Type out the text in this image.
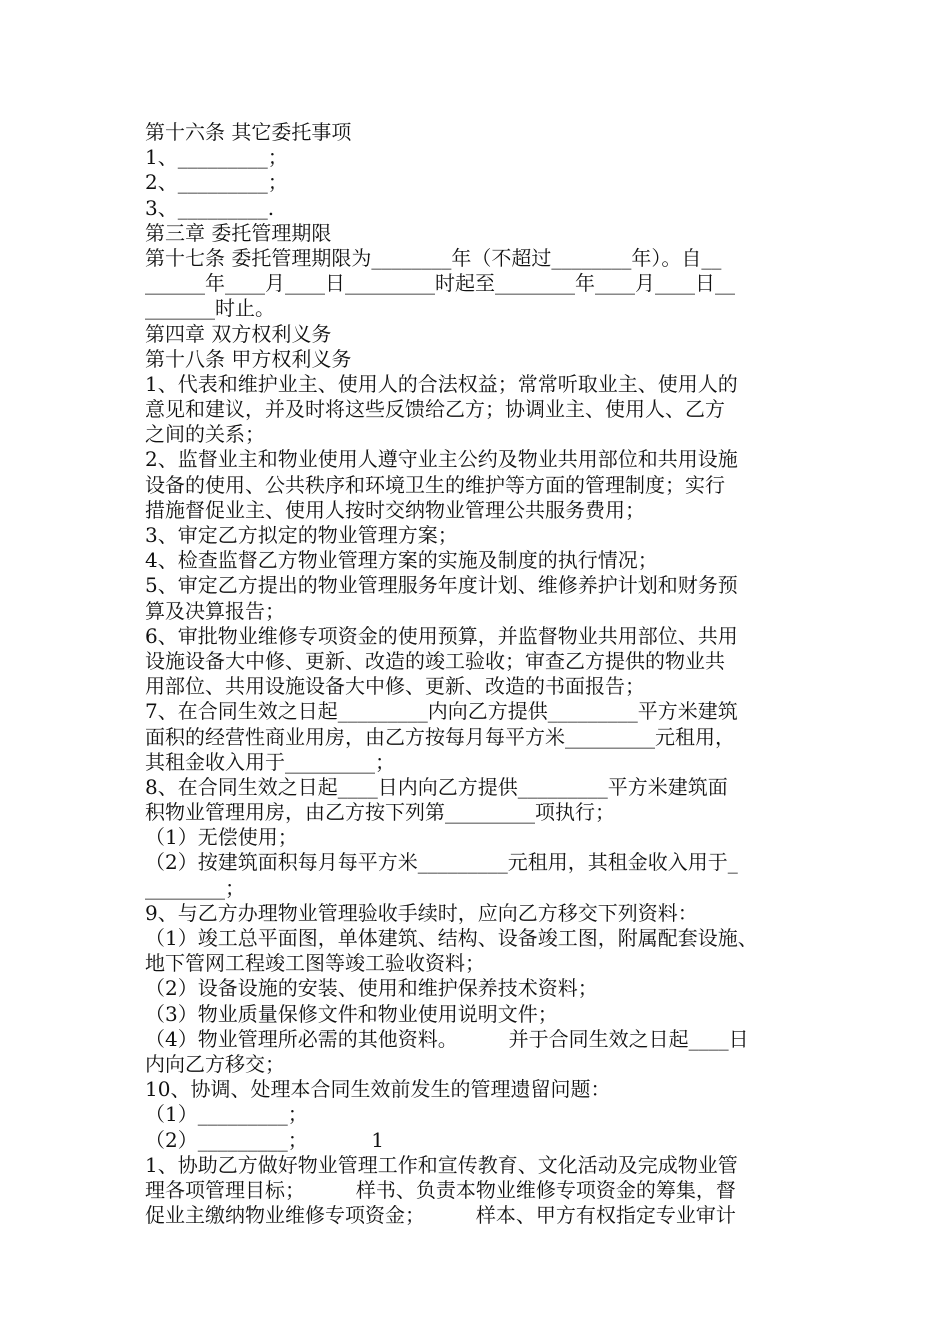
第十六条 其它委托事项
1、_________；
2、_________；
3、_________.
第三章 委托管理期限
第十七条 委托管理期限为________年（不超过________年）。自__
______年____月____日_________时起至________年____月____日__
_______时止。
第四章 双方权利义务
第十八条 甲方权利义务
1、代表和维护业主、使用人的合法权益；常常听取业主、使用人的
意见和建议，并及时将这些反馈给乙方；协调业主、使用人、乙方
之间的关系；
2、监督业主和物业使用人遵守业主公约及物业共用部位和共用设施
设备的使用、公共秩序和环境卫生的维护等方面的管理制度；实行
措施督促业主、使用人按时交纳物业管理公共服务费用；
3、审定乙方拟定的物业管理方案；
4、检查监督乙方物业管理方案的实施及制度的执行情况；
5、审定乙方提出的物业管理服务年度计划、维修养护计划和财务预
算及决算报告；
6、审批物业维修专项资金的使用预算，并监督物业共用部位、共用
设施设备大中修、更新、改造的竣工验收；审查乙方提供的物业共
用部位、共用设施设备大中修、更新、改造的书面报告；
7、在合同生效之日起_________内向乙方提供_________平方米建筑
面积的经营性商业用房，由乙方按每月每平方米_________元租用，
其租金收入用于_________；
8、在合同生效之日起____日内向乙方提供_________平方米建筑面
积物业管理用房，由乙方按下列第_________项执行；
（1）无偿使用；
（2）按建筑面积每月每平方米_________元租用，其租金收入用于_
________；
9、与乙方办理物业管理验收手续时，应向乙方移交下列资料：
（1）竣工总平面图，单体建筑、结构、设备竣工图，附属配套设施、
地下管网工程竣工图等竣工验收资料；
（2）设备设施的安装、使用和维护保养技术资料；
（3）物业质量保修文件和物业使用说明文件；
（4）物业管理所必需的其他资料。        并于合同生效之日起____日
内向乙方移交；
10、协调、处理本合同生效前发生的管理遗留问题：
（1）_________；
（2）_________；          1
1、协助乙方做好物业管理工作和宣传教育、文化活动及完成物业管
理各项管理目标；        样书、负责本物业维修专项资金的筹集，督
促业主缴纳物业维修专项资金；        样本、甲方有权指定专业审计
